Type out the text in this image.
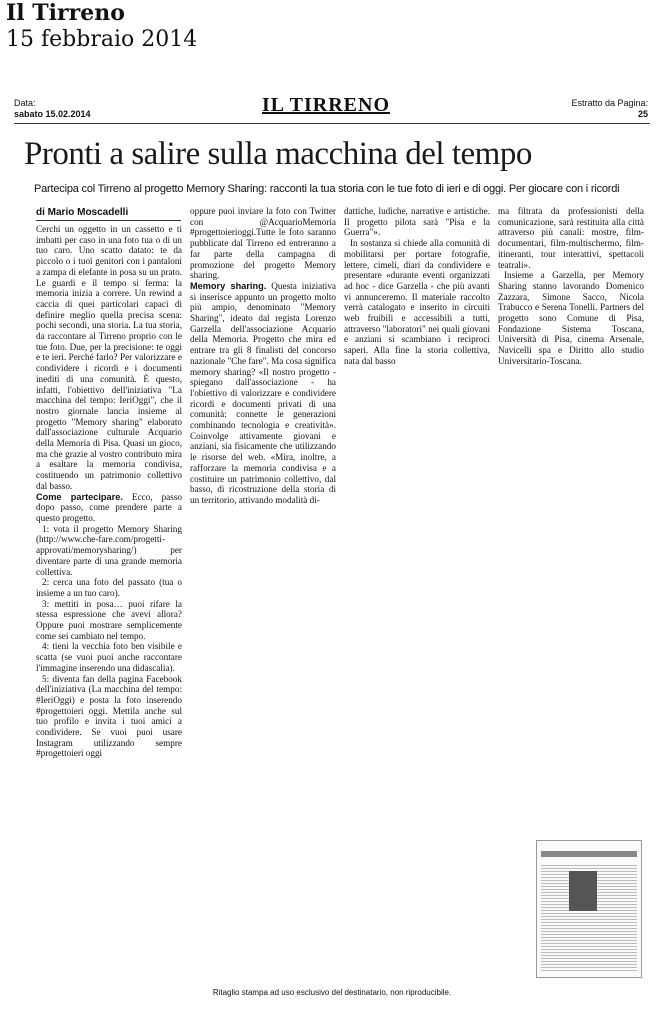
Il Tirreno
15 febbraio 2014
Data:
sabato 15.02.2014	IL TIRRENO	Estratto da Pagina:
25
Pronti a salire sulla macchina del tempo
Partecipa col Tirreno al progetto Memory Sharing: racconti la tua storia con le tue foto di ieri e di oggi. Per giocare con i ricordi
di Mario Moscadelli

Cerchi un oggetto in un cassetto e ti imbatti per caso in una foto tua o di un tuo caro. Uno scatto datato: te da piccolo o i tuoi genitori con i pantaloni a zampa di elefante in posa su un prato. Le guardi e il tempo si ferma: la memoria inizia a correre. Un rewind a caccia di quei particolari capaci di definire meglio quella precisa scena: pochi secondi, una storia. La tua storia, da raccontare al Tirreno proprio con le tue foto. Due, per la precisione: te oggi e te ieri. Perché farlo? Per valorizzare e condividere i ricordi e i documenti inediti di una comunità. È questo, infatti, l'obiettivo dell'iniziativa "La macchina del tempo: IeriOggi", che il nostro giornale lancia insieme al progetto "Memory sharing" elaborato dall'associazione culturale Acquario della Memoria di Pisa. Quasi un gioco, ma che grazie al vostro contributo mira a esaltare la memoria condivisa, costituendo un patrimonio collettivo dal basso.

Come partecipare. Ecco, passo dopo passo, come prendere parte a questo progetto.

1: vota il progetto Memory Sharing (http://www.che-fare.com/progetti-approvati/memorysharing/) per diventare parte di una grande memoria collettiva.

2: cerca una foto del passato (tua o insieme a un tuo caro).

3: mettiti in posa… puoi rifare la stessa espressione che avevi allora? Oppure puoi mostrare semplicemente come sei cambiato nel tempo.

4: tieni la vecchia foto ben visibile e scatta (se vuoi puoi anche raccontare l'immagine inserendo una didascalia).

5: diventa fan della pagina Facebook dell'iniziativa (La macchina del tempo: #IeriOggi) e posta la foto inserendo #progettoieri oggi. Mettila anche sul tuo profilo e invita i tuoi amici a condividere. Se vuoi puoi usare Instagram utilizzando sempre #progettoieri oggi

oppure puoi inviare la foto con Twitter con @AcquarioMemoria #progettoierioggi.Tutte le foto saranno pubblicate dal Tirreno ed entreranno a far parte della campagna di promozione del progetto Memory sharing.

Memory sharing. Questa iniziativa si inserisce appunto un progetto molto più ampio, denominato "Memory Sharing", ideato dal regista Lorenzo Garzella dell'associazione Acquario della Memoria. Progetto che mira ed entrare tra gli 8 finalisti del concorso nazionale "Che fare". Ma cosa significa memory sharing? «Il nostro progetto - spiegano dall'associazione - ha l'obiettivo di valorizzare e condividere ricordi e documenti privati di una comunità: connette le generazioni combinando tecnologia e creatività». Coinvolge attivamente giovani e anziani, sia fisicamente che utilizzando le risorse del web. «Mira, inoltre, a rafforzare la memoria condivisa e a costituire un patrimonio collettivo, dal basso, di ricostruzione della storia di un territorio, attivando modalità di-

dattiche, ludiche, narrative e artistiche. Il progetto pilota sarà "Pisa e la Guerra"».

In sostanza si chiede alla comunità di mobilitarsi per portare fotografie, lettere, cimeli, diari da condividere e presentare «durante eventi organizzati ad hoc - dice Garzella - che più avanti vi annunceremo. Il materiale raccolto verrà catalogato e inserito in circuiti web fruibili e accessibili a tutti, attraverso "laboratori" nei quali giovani e anziani si scambiano i reciproci saperi. Alla fine la storia collettiva, nata dal basso

ma filtrata da professionisti della comunicazione, sarà restituita alla città attraverso più canali: mostre, film-documentari, film-multischermo, film-itineranti, tour interattivi, spettacoli teatrali».

Insieme a Garzella, per Memory Sharing stanno lavorando Domenico Zazzara, Simone Sacco, Nicola Trabucco e Serena Tonelli. Partners del progetto sono Comune di Pisa, Fondazione Sistema Toscana, Università di Pisa, cinema Arsenale, Navicelli spa e Diritto allo studio Universitario-Toscana.

Ritaglio stampa ad uso esclusivo del destinatario, non riproducibile.
